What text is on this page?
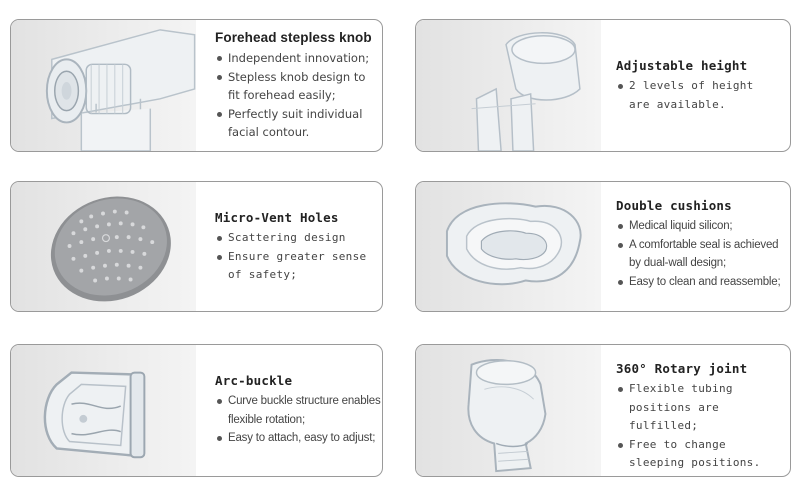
Forehead stepless knob
Independent innovation;
Stepless knob design to fit forehead easily;
Perfectly suit individual facial contour.
Adjustable height
2 levels of height are available.
Micro-Vent Holes
Scattering design
Ensure greater sense of safety;
Double cushions
Medical liquid silicon;
A comfortable seal is achieved by dual-wall design;
Easy to clean and reassemble;
Arc-buckle
Curve buckle structure enables flexible rotation;
Easy to attach, easy to adjust;
360° Rotary joint
Flexible tubing positions are fulfilled;
Free to change sleeping positions.
